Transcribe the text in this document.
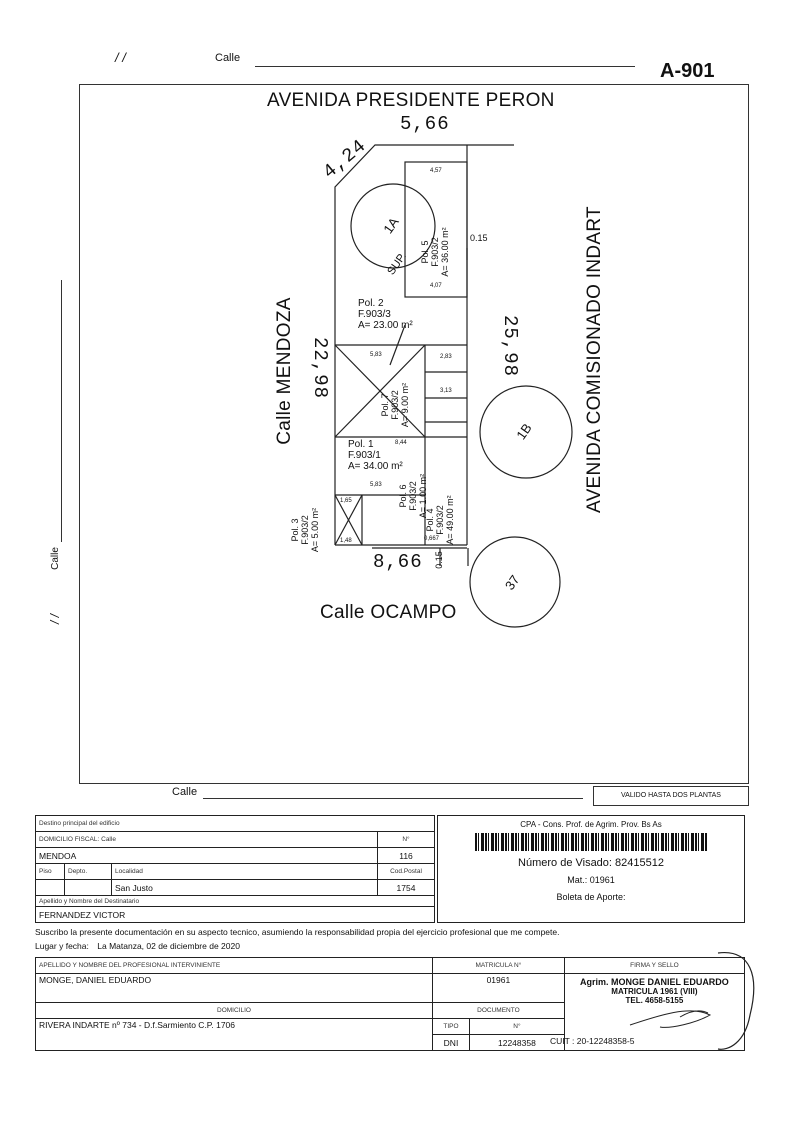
/ /	Calle
A-901
AVENIDA PRESIDENTE PERON
5,66
4,24
Calle MENDOZA 22,98	AVENIDA COMISIONADO INDART
25,98
8,66
Calle OCAMPO
0.15
0.15
1A
1B
37
SUP. Pol. 5 F.903/2 A= 36.00 m²
Pol. 2
F.903/3
A= 23.00 m²
Pol. 7 F.903/2 A= 9.00 m²
Pol. 1
F.903/1
A= 34.00 m²
Pol. 6 F.903/2 A= 1.00 m²
Pol. 4 F.903/2 A= 49.00 m²
Pol. 3 F.903/2 A= 5.00 m²
4,57
4,07
5,83	2,83
3,13
8,44
5,83
0,667
1,65
1,48
Calle
/ /
Calle	VALIDO HASTA DOS PLANTAS
Destino principal del edificio			
DOMICILIO FISCAL: Calle			N°
MENDOA			116
Piso	Depto.	Localidad	Cod.Postal
		San Justo	1754
Apellido y Nombre del Destinatario			
FERNANDEZ VICTOR			
CPA - Cons. Prof. de Agrim. Prov. Bs As
Número de Visado: 82415512
Mat.: 01961
Boleta de Aporte:
Suscribo la presente documentación en su aspecto tecnico, asumiendo la responsabilidad propia del ejercicio profesional que me compete.
Lugar y fecha: La Matanza, 02 de diciembre de 2020
APELLIDO Y NOMBRE DEL PROFESIONAL INTERVINIENTE	MATRICULA N°		FIRMA Y SELLO
MONGE, DANIEL EDUARDO	01961		Agrim. MONGE DANIEL EDUARDO
MATRICULA 1961 (VIII)
TEL. 4658-5155

DOMICILIO	DOCUMENTO		
RIVERA INDARTE nº 734 - D.f.Sarmiento C.P. 1706	TIPO	N°	
	DNI	12248358	CUIT : 20-12248358-5
